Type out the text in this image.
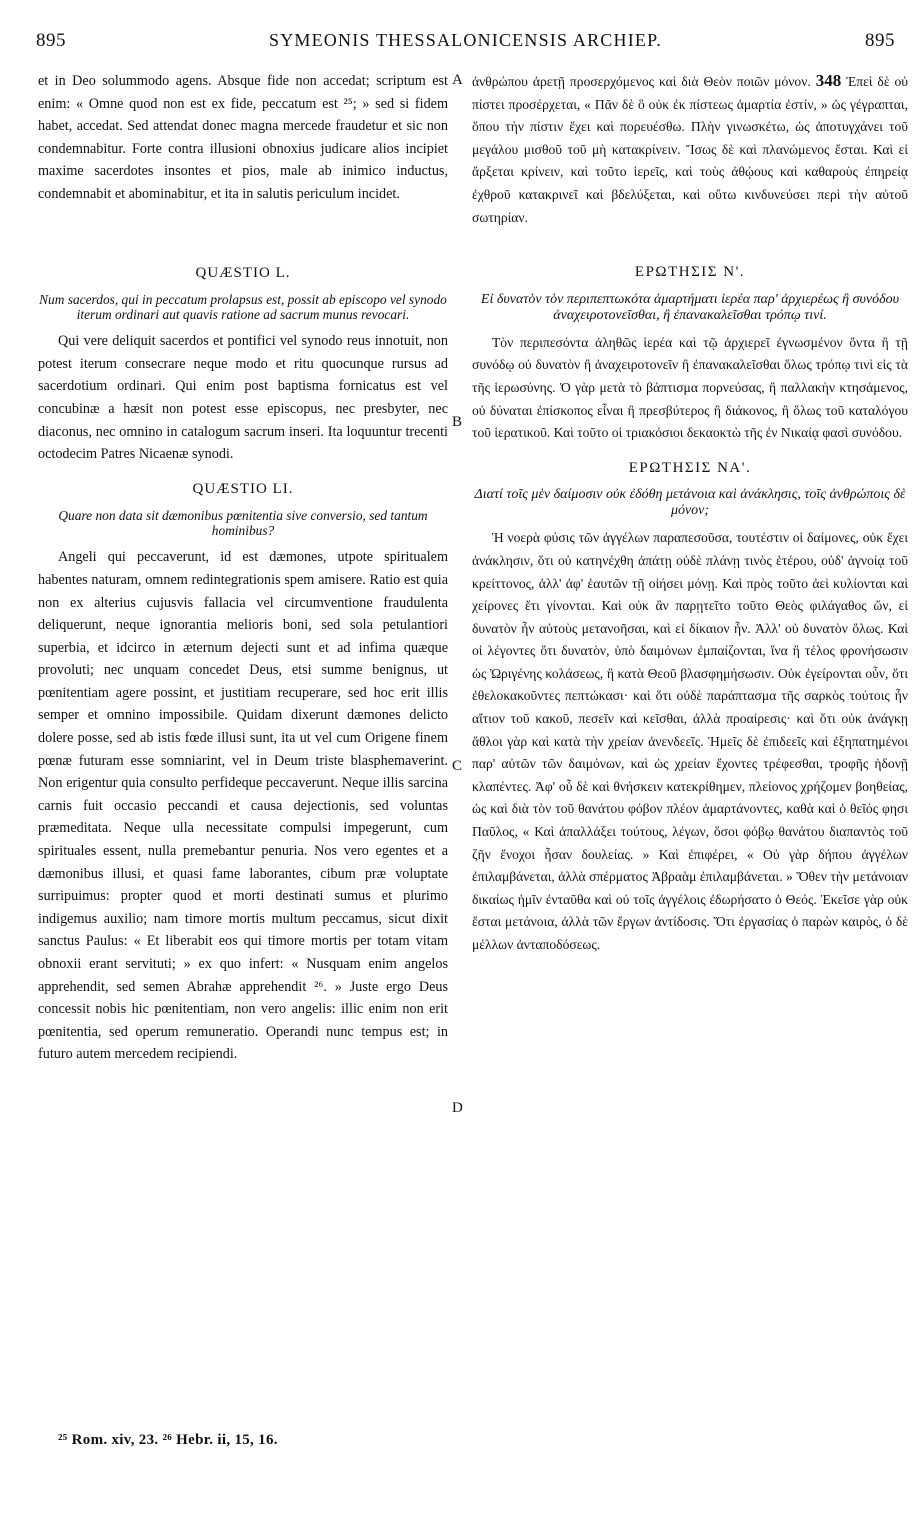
895	SYMEONIS THESSALONICENSIS ARCHIEP.	895

et in Deo solummodo agens. Absque fide non accedat; scriptum est enim: « Omne quod non est ex fide, peccatum est ²⁵; » sed si fidem habet, accedat. Sed attendat donec magna mercede fraudetur et sic non condemnabitur. Forte contra illusioni obnoxius judicare alios incipiet maxime sacerdotes insontes et pios, male ab inimico inductus, condemnabit et abominabitur, et ita in salutis periculum incidet.

QUÆSTIO L.
Num sacerdos, qui in peccatum prolapsus est, possit ab episcopo vel synodo iterum ordinari aut quavis ratione ad sacrum munus revocari.

Qui vere deliquit sacerdos et pontifici vel synodo reus innotuit, non potest iterum consecrare neque modo et ritu quocunque rursus ad sacerdotium ordinari. Qui enim post baptisma fornicatus est vel concubinæ a hæsit non potest esse episcopus, nec presbyter, nec diaconus, nec omnino in catalogum sacrum inseri. Ita loquuntur trecenti octodecim Patres Nicaenæ synodi.

QUÆSTIO LI.
Quare non data sit dæmonibus pœnitentia sive conversio, sed tantum hominibus?

Angeli qui peccaverunt, id est dæmones, utpote spiritualem habentes naturam, omnem redintegrationis spem amisere. Ratio est quia non ex alterius cujusvis fallacia vel circumventione fraudulenta deliquerunt, neque ignorantia melioris boni, sed sola petulantiori superbia, et idcirco in æternum dejecti sunt et ad infima quæque provoluti; nec unquam concedet Deus, etsi summe benignus, ut pœnitentiam agere possint, et justitiam recuperare, sed hoc erit illis semper et omnino impossibile. Quidam dixerunt dæmones delicto dolere posse, sed ab istis fœde illusi sunt, ita ut vel cum Origene finem pœnæ futuram esse somniarint, vel in Deum triste blasphemaverint. Non erigentur quia consulto perfideque peccaverunt. Neque illis sarcina carnis fuit occasio peccandi et causa dejectionis, sed voluntas præmeditata. Neque ulla necessitate compulsi impegerunt, cum spirituales essent, nulla premebantur penuria. Nos vero egentes et a dæmonibus illusi, et quasi fame laborantes, cibum præ voluptate surripuimus: propter quod et morti destinati sumus et plurimo indigemus auxilio; nam timore mortis multum peccamus, sicut dixit sanctus Paulus: « Et liberabit eos qui timore mortis per totam vitam obnoxii erant servituti; » ex quo infert: « Nusquam enim angelos apprehendit, sed semen Abrahæ apprehendit ²⁶. » Juste ergo Deus concessit nobis hic pœnitentiam, non vero angelis: illic enim non erit pœnitentia, sed operum remuneratio. Operandi nunc tempus est; in futuro autem mercedem recipiendi.

ἀνθρώπου ἀρετῇ προσερχόμενος καὶ διὰ Θεὸν ποιῶν μόνον. 348 Ἐπεὶ δὲ οὐ πίστει προσέρχεται, « Πᾶν δὲ ὃ οὐκ ἐκ πίστεως ἁμαρτία ἐστίν, » ὡς γέγραπται, ὅπου τὴν πίστιν ἔχει καὶ πορευέσθω. Πλὴν γινωσκέτω, ὡς ἀποτυγχάνει τοῦ μεγάλου μισθοῦ τοῦ μὴ κατακρίνειν. Ἴσως δὲ καὶ πλανώμενος ἔσται. Καὶ εἰ ἄρξεται κρίνειν, καὶ τοῦτο ἱερεῖς, καὶ τοὺς ἀθῴους καὶ καθαροὺς ἐπηρείᾳ ἐχθροῦ κατακρινεῖ καὶ βδελύξεται, καὶ οὕτω κινδυνεύσει περὶ τὴν αὐτοῦ σωτηρίαν.

ΕΡΩΤΗΣΙΣ Ν'.
Εἰ δυνατὸν τὸν περιπεπτωκότα ἁμαρτήματι ἱερέα παρ' ἀρχιερέως ἢ συνόδου ἀναχειροτονεῖσθαι, ἢ ἐπανακαλεῖσθαι τρόπῳ τινί.

Τὸν περιπεσόντα ἀληθῶς ἱερέα καὶ τῷ ἀρχιερεῖ ἐγνωσμένον ὄντα ἢ τῇ συνόδῳ οὐ δυνατὸν ἢ ἀναχειροτονεῖν ἢ ἐπανακαλεῖσθαι ὅλως τρόπῳ τινὶ εἰς τὰ τῆς ἱερωσύνης. Ὁ γὰρ μετὰ τὸ βάπτισμα πορνεύσας, ἢ παλλακὴν κτησάμενος, οὐ δύναται ἐπίσκοπος εἶναι ἢ πρεσβύτερος ἢ διάκονος, ἢ ὅλως τοῦ καταλόγου τοῦ ἱερατικοῦ. Καὶ τοῦτο οἱ τριακόσιοι δεκαοκτὼ τῆς ἐν Νικαίᾳ φασὶ συνόδου.

ΕΡΩΤΗΣΙΣ ΝΑ'.
Διατί τοῖς μὲν δαίμοσιν οὐκ ἐδόθη μετάνοια καὶ ἀνάκλησις, τοῖς ἀνθρώποις δὲ μόνον;

Ἡ νοερὰ φύσις τῶν ἀγγέλων παραπεσοῦσα, τουτέστιν οἱ δαίμονες, οὐκ ἔχει ἀνάκλησιν, ὅτι οὐ κατηνέχθη ἀπάτῃ οὐδὲ πλάνῃ τινὸς ἑτέρου, οὐδ' ἀγνοίᾳ τοῦ κρείττονος, ἀλλ' ἀφ' ἑαυτῶν τῇ οἰήσει μόνῃ. Καὶ πρὸς τοῦτο ἀεὶ κυλίονται καὶ χείρονες ἔτι γίνονται. Καὶ οὐκ ἂν παρῃτεῖτο τοῦτο Θεὸς φιλάγαθος ὤν, εἰ δυνατὸν ἦν αὐτοὺς μετανοῆσαι, καὶ εἰ δίκαιον ἦν. Ἀλλ' οὐ δυνατὸν ὅλως. Καὶ οἱ λέγοντες ὅτι δυνατὸν, ὑπὸ δαιμόνων ἐμπαίζονται, ἵνα ἢ τέλος φρονήσωσιν ὡς Ὠριγένης κολάσεως, ἢ κατὰ Θεοῦ βλασφημήσωσιν. Οὐκ ἐγείρονται οὖν, ὅτι ἐθελοκακοῦντες πεπτώκασι· καὶ ὅτι οὐδὲ παράπτασμα τῆς σαρκὸς τούτοις ἦν αἴτιον τοῦ κακοῦ, πεσεῖν καὶ κεῖσθαι, ἀλλὰ προαίρεσις· καὶ ὅτι οὐκ ἀνάγκῃ ἄθλοι γὰρ καὶ κατὰ τὴν χρείαν ἀνενδεεῖς. Ἡμεῖς δὲ ἐπιδεεῖς καὶ ἐξηπατημένοι παρ' αὐτῶν τῶν δαιμόνων, καὶ ὡς χρείαν ἔχοντες τρέφεσθαι, τροφῆς ἡδονῇ κλαπέντες. Ἀφ' οὗ δὲ καὶ θνήσκειν κατεκρίθημεν, πλείονος χρήζομεν βοηθείας, ὡς καὶ διὰ τὸν τοῦ θανάτου φόβον πλέον ἁμαρτάνοντες, καθὰ καὶ ὁ θεῖός φησι Παῦλος, « Καὶ ἀπαλλάξει τούτους, λέγων, ὅσοι φόβῳ θανάτου διαπαντὸς τοῦ ζῆν ἔνοχοι ἦσαν δουλείας. » Καὶ ἐπιφέρει, « Οὐ γὰρ δήπου ἀγγέλων ἐπιλαμβάνεται, ἀλλὰ σπέρματος Ἀβραὰμ ἐπιλαμβάνεται. » Ὅθεν τὴν μετάνοιαν δικαίως ἡμῖν ἐνταῦθα καὶ οὐ τοῖς ἀγγέλοις ἐδωρήσατο ὁ Θεός. Ἐκεῖσε γὰρ οὐκ ἔσται μετάνοια, ἀλλὰ τῶν ἔργων ἀντίδοσις. Ὅτι ἐργασίας ὁ παρὼν καιρὸς, ὁ δὲ μέλλων ἀνταποδόσεως.

A
B
C
D
²⁵ Rom. xiv, 23. ²⁶ Hebr. ii, 15, 16.
